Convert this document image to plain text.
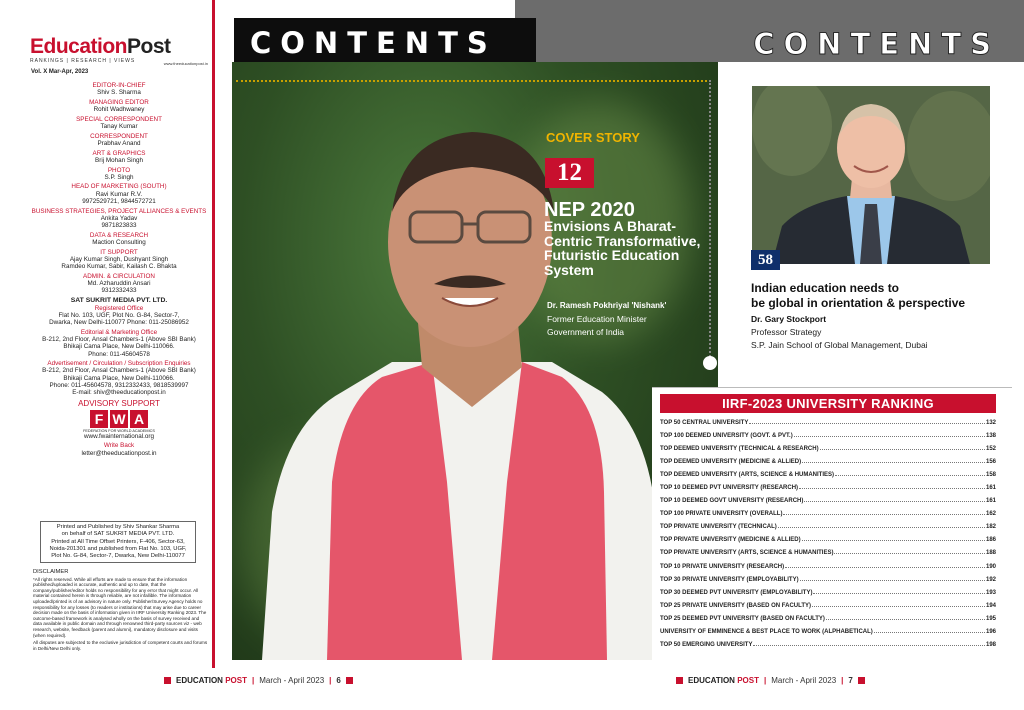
EducationPost
RANKINGS | RESEARCH | VIEWS	www.theeducationpost.in
Vol. X Mar-Apr, 2023
EDITOR-IN-CHIEF
Shiv S. Sharma
MANAGING EDITOR
Rohit Wadhwaney
SPECIAL CORRESPONDENT
Tanay Kumar
CORRESPONDENT
Prabhav Anand
ART & GRAPHICS
Brij Mohan Singh
PHOTO
S.P. Singh
HEAD OF MARKETING (SOUTH)
Ravi Kumar R.V.
9972529721, 9844572721
BUSINESS STRATEGIES, PROJECT ALLIANCES & EVENTS
Ankita Yadav
9871823833
DATA & RESEARCH
Maction Consulting
IT SUPPORT
Ajay Kumar Singh, Dushyant Singh
Ramdeo Kumar, Sabir, Kailash C. Bhakta
ADMIN. & CIRCULATION
Md. Azharuddin Ansari
9312332433
SAT SUKRIT MEDIA PVT. LTD.
Registered Office
Flat No. 103, UGF, Plot No. G-84, Sector-7,
Dwarka, New Delhi-110077 Phone: 011-25086952
Editorial & Marketing Office
B-212, 2nd Floor, Ansal Chambers-1 (Above SBI Bank)
Bhikaji Cama Place, New Delhi-110066.
Phone: 011-45604578
Advertisement / Circulation / Subscription Enquiries
B-212, 2nd Floor, Ansal Chambers-1 (Above SBI Bank)
Bhikaji Cama Place, New Delhi-110066.
Phone: 011-45604578, 9312332433, 9818539997
E-mail: shiv@theeducationpost.in
ADVISORY SUPPORT
F W A
FEDERATION FOR WORLD ACADEMICS
www.fwainternational.org
Write Back
letter@theeducationpost.in
Printed and Published by Shiv Shankar Sharma
on behalf of SAT SUKRIT MEDIA PVT. LTD.
Printed at All Time Offset Printers, F-406, Sector-63,
Noida-201301 and published from Flat No. 103, UGF,
Plot No. G-84, Sector-7, Dwarka, New Delhi-110077
DISCLAIMER
*All rights reserved. While all efforts are made to ensure that the information published/uploaded is accurate, authentic and up to date, that the company/publisher/editor holds no responsibility for any error that might occur. All material contained herein is through reliable, are not infallible. The information uploaded/printed is of an advisory in nature only. Publisher/Survey Agency holds no responsibility for any losses (to readers or institutions) that may arise due to career decision made on the basis of information given in IIRF University Ranking 2023. The outcome-based framework is analysed wholly on the basis of survey received and data available in public domain and through renowned third-party sources viz - web research, website, feedback (parent and alumni), mandatory disclosure and visits (when required).
All disputes are subjected to the exclusive jurisdiction of competent courts and forums in Delhi/New Delhi only.
CONTENTS
CONTENTS
COVER STORY
12
NEP 2020
Envisions A Bharat-Centric Transformative, Futuristic Education System
Dr. Ramesh Pokhriyal 'Nishank'
Former Education Minister
Government of India
58
Indian education needs to
be global in orientation & perspective
Dr. Gary Stockport
Professor Strategy
S.P. Jain School of Global Management, Dubai
IIRF-2023 UNIVERSITY RANKING
TOP 50 CENTRAL UNIVERSITY	132
TOP 100 DEEMED UNIVERSITY (GOVT. & PVT.)	138
TOP DEEMED UNIVERSITY (TECHNICAL & RESEARCH)	152
TOP DEEMED UNIVERSITY (MEDICINE & ALLIED)	156
TOP DEEMED UNIVERSITY (ARTS, SCIENCE & HUMANITIES)	158
TOP 10 DEEMED PVT UNIVERSITY (RESEARCH)	161
TOP 10 DEEMED GOVT UNIVERSITY (RESEARCH)	161
TOP 100 PRIVATE UNIVERSITY (OVERALL)	162
TOP PRIVATE UNIVERSITY (TECHNICAL)	182
TOP PRIVATE UNIVERSITY (MEDICINE & ALLIED)	186
TOP PRIVATE UNIVERSITY (ARTS, SCIENCE & HUMANITIES)	188
TOP 10 PRIVATE UNIVERSITY (RESEARCH)	190
TOP 30 PRIVATE UNIVERSITY (EMPLOYABILITY)	192
TOP 30 DEEMED PVT UNIVERSITY (EMPLOYABILITY)	193
TOP 25 PRIVATE UNIVERSITY (BASED ON FACULTY)	194
TOP 25 DEEMED PVT UNIVERSITY (BASED ON FACULTY)	195
UNIVERSITY OF EMMINENCE & BEST PLACE TO WORK (ALPHABETICAL)	196
TOP 50 EMERGING UNIVERSITY	198
EDUCATION POST | March - April 2023 | 6	EDUCATION POST | March - April 2023 | 7
